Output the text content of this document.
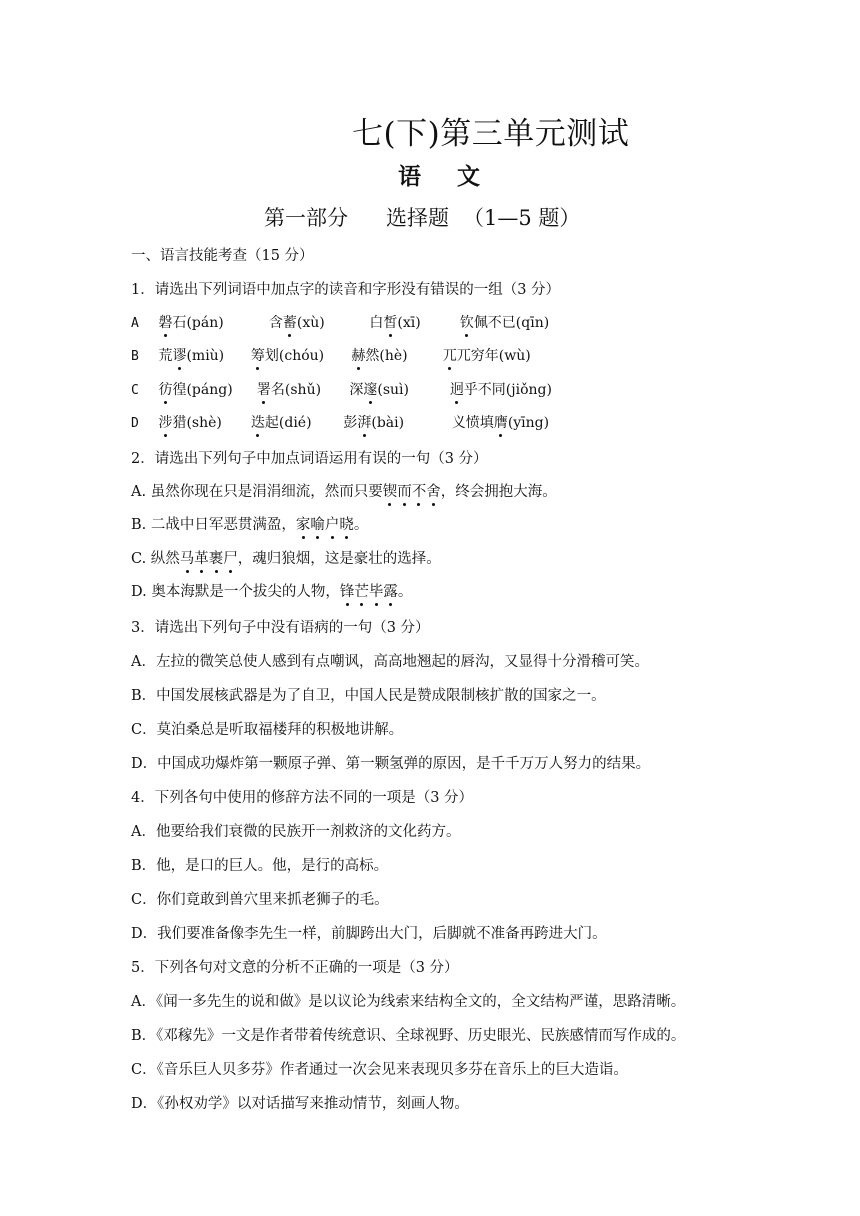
七(下)第三单元测试
语 文
第一部分 选择题 （1—5 题）
一、语言技能考查（15 分）
1．请选出下列词语中加点字的读音和字形没有错误的一组（3 分）
A 磐石(pán)	含蓄(xù)	白皙(xī)	钦佩不已(qīn)
B 荒谬(miù) 筹划(chóu) 赫然(hè)	兀兀穷年(wù)
C 彷徨(páng) 署名(shǔ) 深邃(suì)	迥乎不同(jiǒng)
D 涉猎(shè) 迭起(dié) 彭湃(bài)	义愤填膺(yīng)
2．请选出下列句子中加点词语运用有误的一句（3 分）
A. 虽然你现在只是涓涓细流，然而只要锲而不舍，终会拥抱大海。
B. 二战中日军恶贯满盈，家喻户晓。
C. 纵然马革裹尸，魂归狼烟，这是豪壮的选择。
D. 奥本海默是一个拔尖的人物，锋芒毕露。
3．请选出下列句子中没有语病的一句（3 分）
A．左拉的微笑总使人感到有点嘲讽，高高地翘起的唇沟，又显得十分滑稽可笑。
B．中国发展核武器是为了自卫，中国人民是赞成限制核扩散的国家之一。
C．莫泊桑总是听取福楼拜的积极地讲解。
D．中国成功爆炸第一颗原子弹、第一颗氢弹的原因，是千千万万人努力的结果。
4．下列各句中使用的修辞方法不同的一项是（3 分）
A．他要给我们衰微的民族开一剂救济的文化药方。
B．他，是口的巨人。他，是行的高标。
C．你们竟敢到兽穴里来抓老狮子的毛。
D．我们要准备像李先生一样，前脚跨出大门，后脚就不准备再跨进大门。
5．下列各句对文意的分析不正确的一项是（3 分）
A．《闻一多先生的说和做》是以议论为线索来结构全文的，全文结构严谨，思路清晰。
B．《邓稼先》一文是作者带着传统意识、全球视野、历史眼光、民族感情而写作成的。
C．《音乐巨人贝多芬》作者通过一次会见来表现贝多芬在音乐上的巨大造诣。
D．《孙权劝学》以对话描写来推动情节，刻画人物。
